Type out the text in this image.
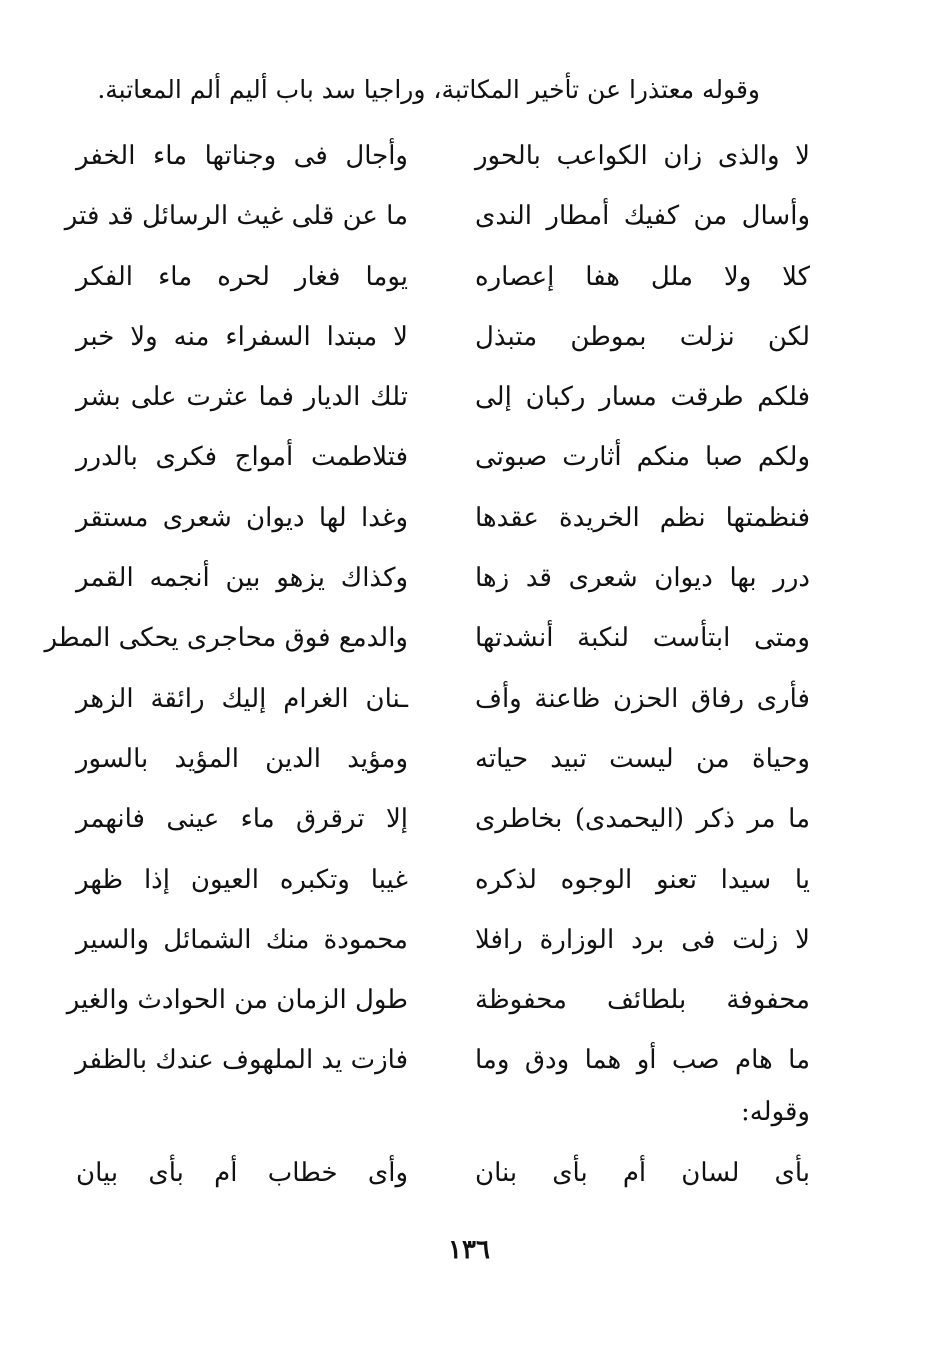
وقوله معتذرا عن تأخير المكاتبة، وراجيا سد باب أليم ألم المعاتبة.
لا والذى زان الكواعب بالحور
وأجال فى وجناتها ماء الخفر
وأسال من كفيك أمطار الندى
ما عن قلى غيث الرسائل قد فتر
كلا ولا ملل هفا إعصاره
يوما فغار لحره ماء الفكر
لكن نزلت بموطن متبذل
لا مبتدا السفراء منه ولا خبر
فلكم طرقت مسار ركبان إلى
تلك الديار فما عثرت على بشر
ولكم صبا منكم أثارت صبوتى
فتلاطمت أمواج فكرى بالدرر
فنظمتها نظم الخريدة عقدها
وغدا لها ديوان شعرى مستقر
درر بها ديوان شعرى قد زها
وكذاك يزهو بين أنجمه القمر
ومتى ابتأست لنكبة أنشدتها
والدمع فوق محاجرى يحكى المطر
فأرى رفاق الحزن ظاعنة وأف
ـنان الغرام إليك رائقة الزهر
وحياة من ليست تبيد حياته
ومؤيد الدين المؤيد بالسور
ما مر ذكر (اليحمدى) بخاطرى
إلا ترقرق ماء عينى فانهمر
يا سيدا تعنو الوجوه لذكره
غيبا وتكبره العيون إذا ظهر
لا زلت فى برد الوزارة رافلا
محمودة منك الشمائل والسير
محفوفة بلطائف محفوظة
طول الزمان من الحوادث والغير
ما هام صب أو هما ودق وما
فازت يد الملهوف عندك بالظفر
وقوله:
بأى لسان أم بأى بنان
وأى خطاب أم بأى بيان
١٣٦
